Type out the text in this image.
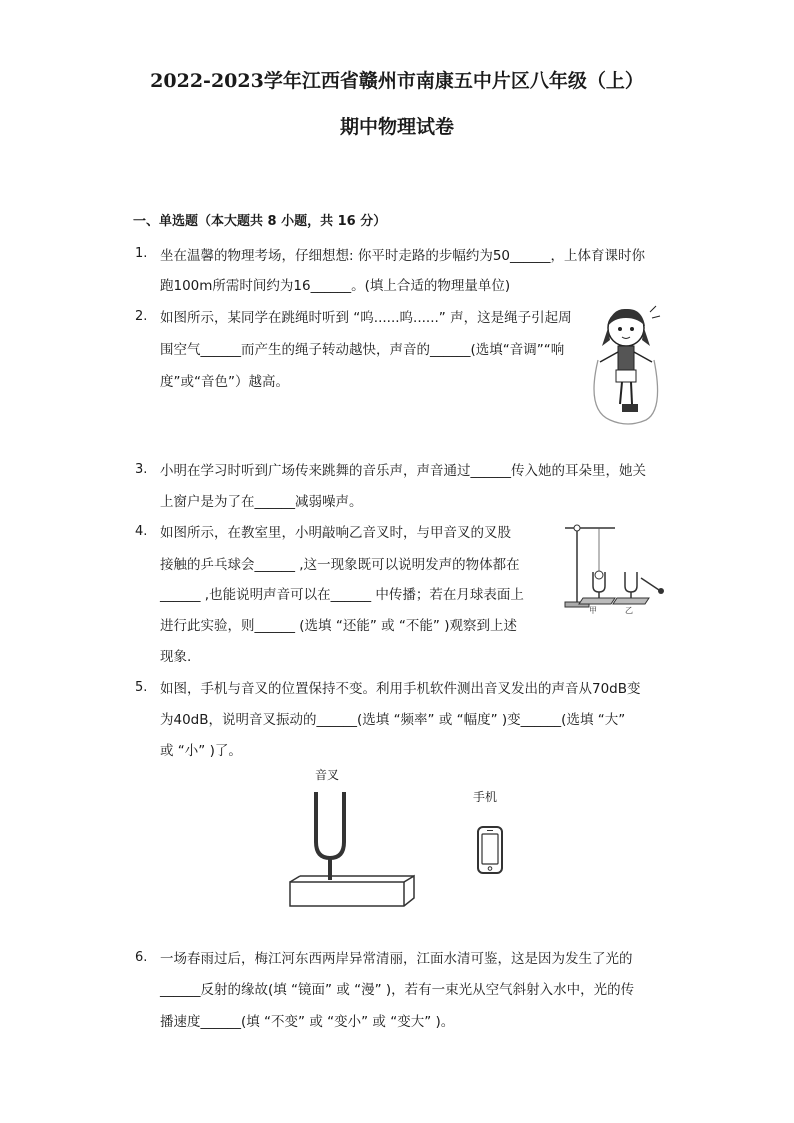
2022-2023学年江西省赣州市南康五中片区八年级（上）
期中物理试卷
一、单选题（本大题共 8 小题，共 16 分）
1. 坐在温馨的物理考场，仔细想想: 你平时走路的步幅约为50______，上体育课时你
跑100m所需时间约为16______。(填上合适的物理量单位)
2. 如图所示，某同学在跳绳时听到 “呜......呜......” 声，这是绳子引起周
围空气______而产生的绳子转动越快，声音的______(选填“音调”“响
度”或“音色”）越高。
3. 小明在学习时听到广场传来跳舞的音乐声，声音通过______传入她的耳朵里，她关
上窗户是为了在______减弱噪声。
4. 如图所示，在教室里，小明敲响乙音叉时，与甲音叉的叉股
接触的乒乓球会______ ,这一现象既可以说明发声的物体都在
______ ,也能说明声音可以在______ 中传播；若在月球表面上
进行此实验，则______ (选填 “还能” 或 “不能” )观察到上述
现象.
甲	乙
5. 如图，手机与音叉的位置保持不变。利用手机软件测出音叉发出的声音从70dB变
为40dB，说明音叉振动的______(选填 “频率” 或 “幅度” )变______(选填 “大”
或 “小” )了。
音叉
手机
6. 一场春雨过后，梅江河东西两岸异常清丽，江面水清可鉴，这是因为发生了光的
______反射的缘故(填 “镜面” 或 “漫” )，若有一束光从空气斜射入水中，光的传
播速度______(填 “不变” 或 “变小” 或 “变大” )。
